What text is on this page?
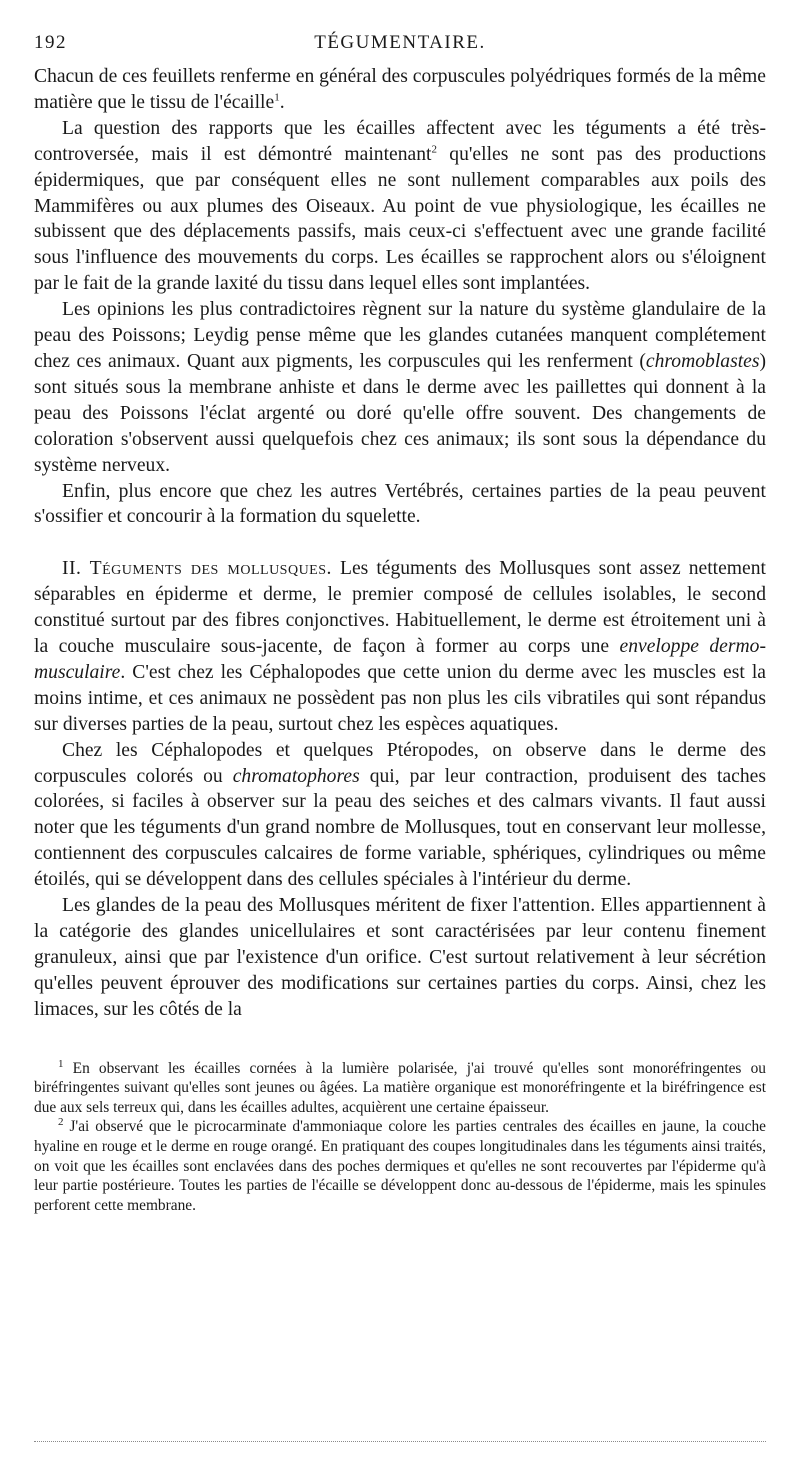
192	TÉGUMENTAIRE.

Chacun de ces feuillets renferme en général des corpuscules polyédriques formés de la même matière que le tissu de l'écaille$^1$.

La question des rapports que les écailles affectent avec les téguments a été très-controversée, mais il est démontré maintenant$^2$ qu'elles ne sont pas des productions épidermiques, que par conséquent elles ne sont nullement comparables aux poils des Mammifères ou aux plumes des Oiseaux. Au point de vue physiologique, les écailles ne subissent que des déplacements passifs, mais ceux-ci s'effectuent avec une grande facilité sous l'influence des mouvements du corps. Les écailles se rapprochent alors ou s'éloignent par le fait de la grande laxité du tissu dans lequel elles sont implantées.

Les opinions les plus contradictoires règnent sur la nature du système glandulaire de la peau des Poissons; Leydig pense même que les glandes cutanées manquent complétement chez ces animaux. Quant aux pigments, les corpuscules qui les renferment (chromoblastes) sont situés sous la membrane anhiste et dans le derme avec les paillettes qui donnent à la peau des Poissons l'éclat argenté ou doré qu'elle offre souvent. Des changements de coloration s'observent aussi quelquefois chez ces animaux; ils sont sous la dépendance du système nerveux.

Enfin, plus encore que chez les autres Vertébrés, certaines parties de la peau peuvent s'ossifier et concourir à la formation du squelette.

II. Téguments des mollusques. Les téguments des Mollusques sont assez nettement séparables en épiderme et derme, le premier composé de cellules isolables, le second constitué surtout par des fibres conjonctives. Habituellement, le derme est étroitement uni à la couche musculaire sous-jacente, de façon à former au corps une enveloppe dermo-musculaire. C'est chez les Céphalopodes que cette union du derme avec les muscles est la moins intime, et ces animaux ne possèdent pas non plus les cils vibratiles qui sont répandus sur diverses parties de la peau, surtout chez les espèces aquatiques.

Chez les Céphalopodes et quelques Ptéropodes, on observe dans le derme des corpuscules colorés ou chromatophores qui, par leur contraction, produisent des taches colorées, si faciles à observer sur la peau des seiches et des calmars vivants. Il faut aussi noter que les téguments d'un grand nombre de Mollusques, tout en conservant leur mollesse, contiennent des corpuscules calcaires de forme variable, sphériques, cylindriques ou même étoilés, qui se développent dans des cellules spéciales à l'intérieur du derme.

Les glandes de la peau des Mollusques méritent de fixer l'attention. Elles appartiennent à la catégorie des glandes unicellulaires et sont caractérisées par leur contenu finement granuleux, ainsi que par l'existence d'un orifice. C'est surtout relativement à leur sécrétion qu'elles peuvent éprouver des modifications sur certaines parties du corps. Ainsi, chez les limaces, sur les côtés de la

$^1$ En observant les écailles cornées à la lumière polarisée, j'ai trouvé qu'elles sont monoréfringentes ou biréfringentes suivant qu'elles sont jeunes ou âgées. La matière organique est monoréfringente et la biréfringence est due aux sels terreux qui, dans les écailles adultes, acquièrent une certaine épaisseur.

$^2$ J'ai observé que le picrocarminate d'ammoniaque colore les parties centrales des écailles en jaune, la couche hyaline en rouge et le derme en rouge orangé. En pratiquant des coupes longitudinales dans les téguments ainsi traités, on voit que les écailles sont enclavées dans des poches dermiques et qu'elles ne sont recouvertes par l'épiderme qu'à leur partie postérieure. Toutes les parties de l'écaille se développent donc au-dessous de l'épiderme, mais les spinules perforent cette membrane.
